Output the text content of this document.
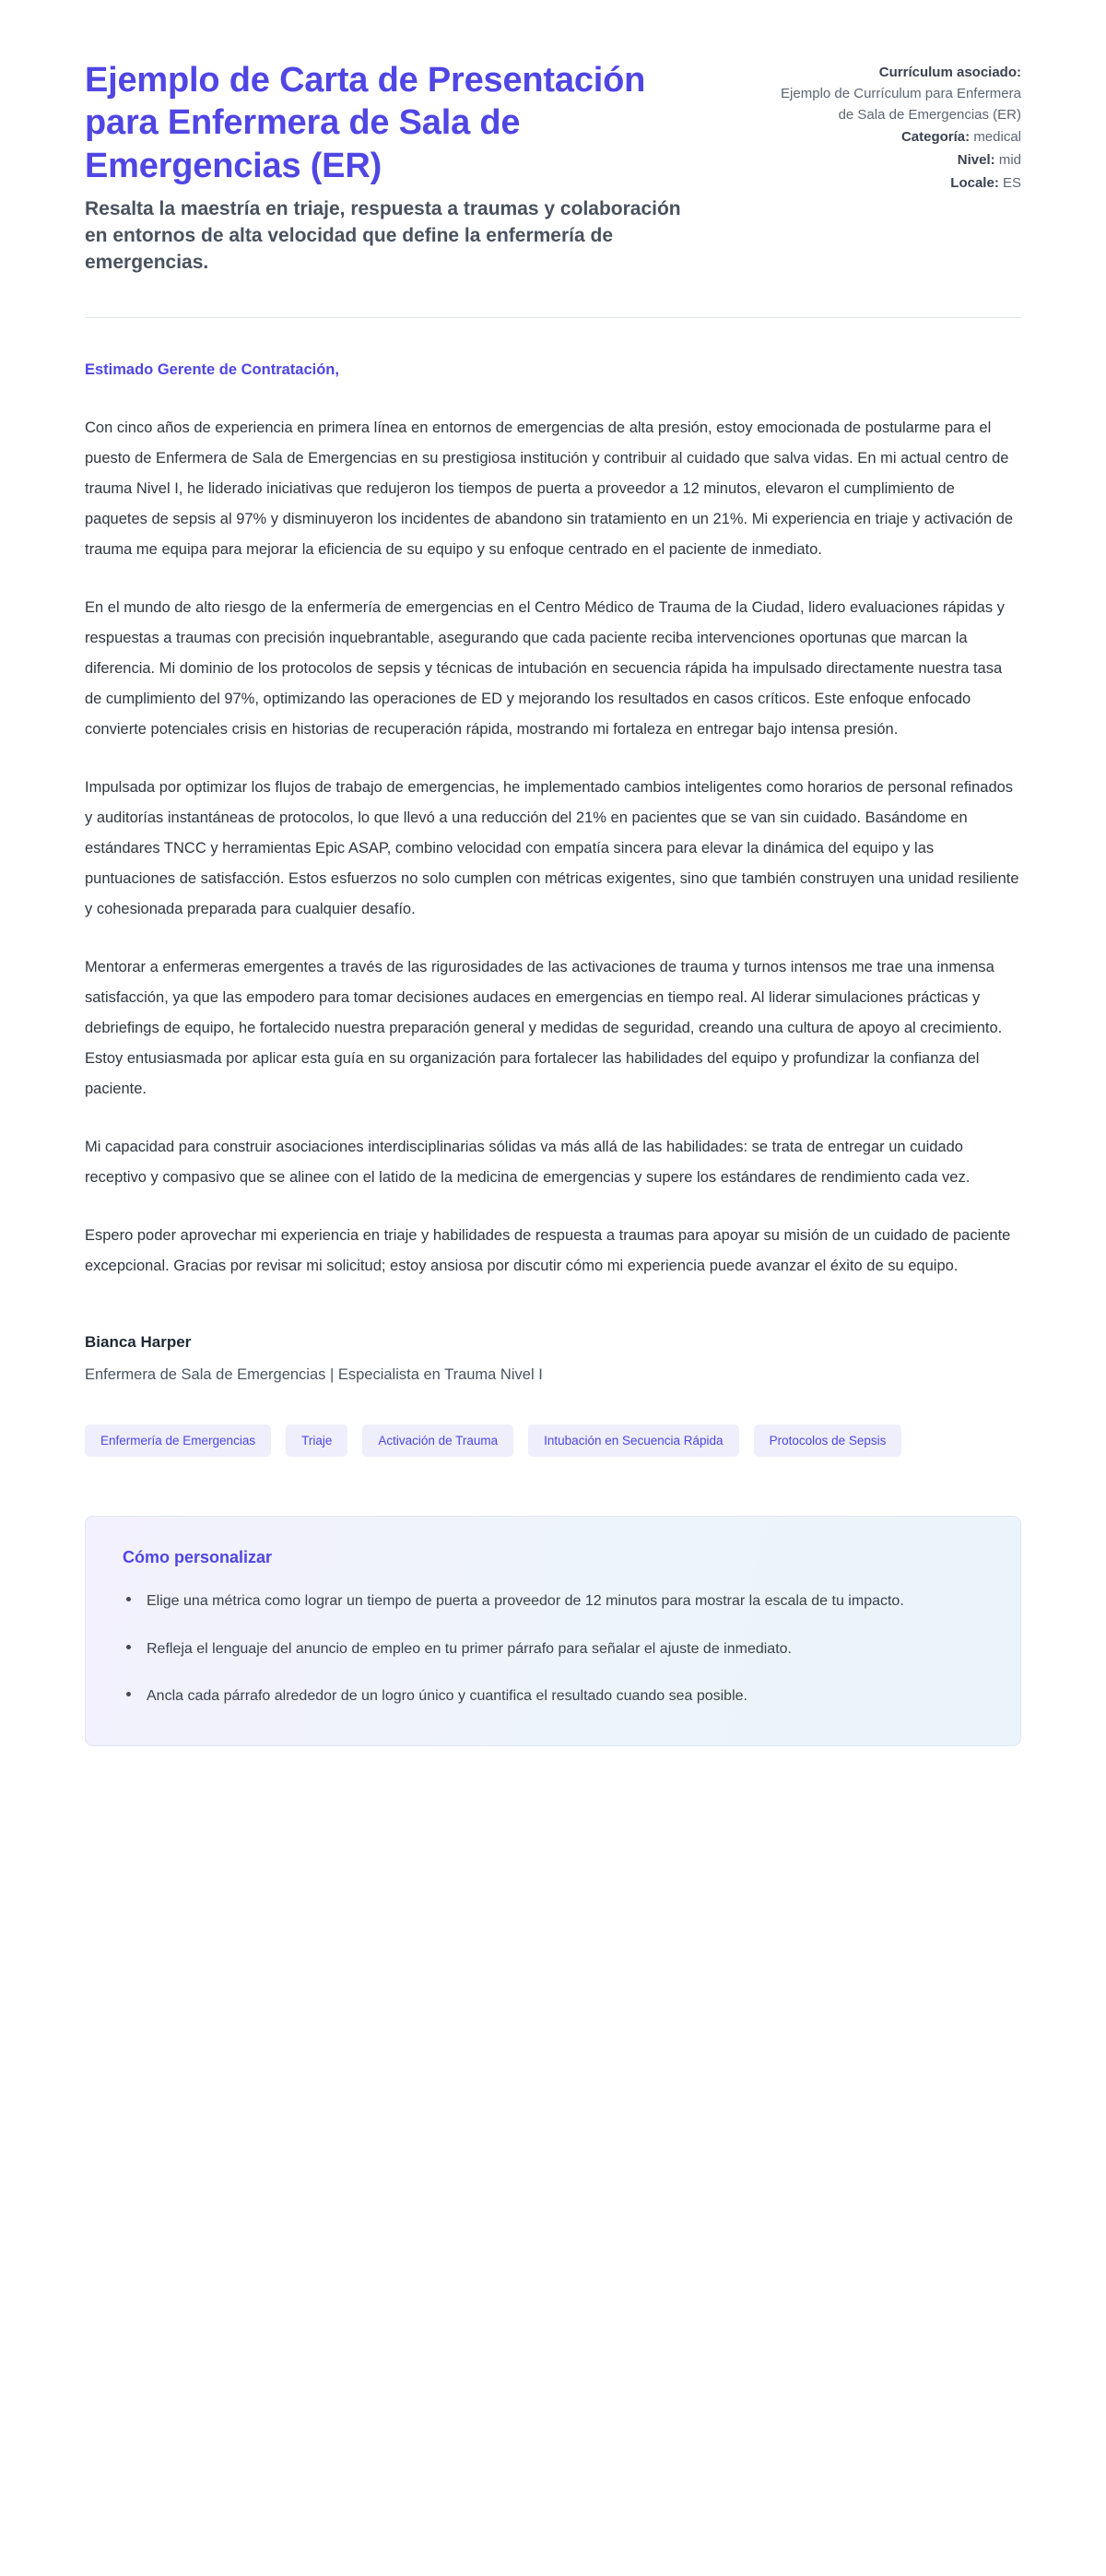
Ejemplo de Carta de Presentación para Enfermera de Sala de Emergencias (ER)

Resalta la maestría en triaje, respuesta a traumas y colaboración en entornos de alta velocidad que define la enfermería de emergencias.

Currículum asociado:
Ejemplo de Currículum para Enfermera de Sala de Emergencias (ER)
Categoría: medical
Nivel: mid
Locale: ES

Estimado Gerente de Contratación,

Con cinco años de experiencia en primera línea en entornos de emergencias de alta presión, estoy emocionada de postularme para el puesto de Enfermera de Sala de Emergencias en su prestigiosa institución y contribuir al cuidado que salva vidas. En mi actual centro de trauma Nivel I, he liderado iniciativas que redujeron los tiempos de puerta a proveedor a 12 minutos, elevaron el cumplimiento de paquetes de sepsis al 97% y disminuyeron los incidentes de abandono sin tratamiento en un 21%. Mi experiencia en triaje y activación de trauma me equipa para mejorar la eficiencia de su equipo y su enfoque centrado en el paciente de inmediato.

En el mundo de alto riesgo de la enfermería de emergencias en el Centro Médico de Trauma de la Ciudad, lidero evaluaciones rápidas y respuestas a traumas con precisión inquebrantable, asegurando que cada paciente reciba intervenciones oportunas que marcan la diferencia. Mi dominio de los protocolos de sepsis y técnicas de intubación en secuencia rápida ha impulsado directamente nuestra tasa de cumplimiento del 97%, optimizando las operaciones de ED y mejorando los resultados en casos críticos. Este enfoque enfocado convierte potenciales crisis en historias de recuperación rápida, mostrando mi fortaleza en entregar bajo intensa presión.

Impulsada por optimizar los flujos de trabajo de emergencias, he implementado cambios inteligentes como horarios de personal refinados y auditorías instantáneas de protocolos, lo que llevó a una reducción del 21% en pacientes que se van sin cuidado. Basándome en estándares TNCC y herramientas Epic ASAP, combino velocidad con empatía sincera para elevar la dinámica del equipo y las puntuaciones de satisfacción. Estos esfuerzos no solo cumplen con métricas exigentes, sino que también construyen una unidad resiliente y cohesionada preparada para cualquier desafío.

Mentorar a enfermeras emergentes a través de las rigurosidades de las activaciones de trauma y turnos intensos me trae una inmensa satisfacción, ya que las empodero para tomar decisiones audaces en emergencias en tiempo real. Al liderar simulaciones prácticas y debriefings de equipo, he fortalecido nuestra preparación general y medidas de seguridad, creando una cultura de apoyo al crecimiento. Estoy entusiasmada por aplicar esta guía en su organización para fortalecer las habilidades del equipo y profundizar la confianza del paciente.

Mi capacidad para construir asociaciones interdisciplinarias sólidas va más allá de las habilidades: se trata de entregar un cuidado receptivo y compasivo que se alinee con el latido de la medicina de emergencias y supere los estándares de rendimiento cada vez.

Espero poder aprovechar mi experiencia en triaje y habilidades de respuesta a traumas para apoyar su misión de un cuidado de paciente excepcional. Gracias por revisar mi solicitud; estoy ansiosa por discutir cómo mi experiencia puede avanzar el éxito de su equipo.

Bianca Harper

Enfermera de Sala de Emergencias | Especialista en Trauma Nivel I

Enfermería de Emergencias	Triaje	Activación de Trauma	Intubación en Secuencia Rápida	Protocolos de Sepsis
Cómo personalizar
Elige una métrica como lograr un tiempo de puerta a proveedor de 12 minutos para mostrar la escala de tu impacto.
Refleja el lenguaje del anuncio de empleo en tu primer párrafo para señalar el ajuste de inmediato.
Ancla cada párrafo alrededor de un logro único y cuantifica el resultado cuando sea posible.
